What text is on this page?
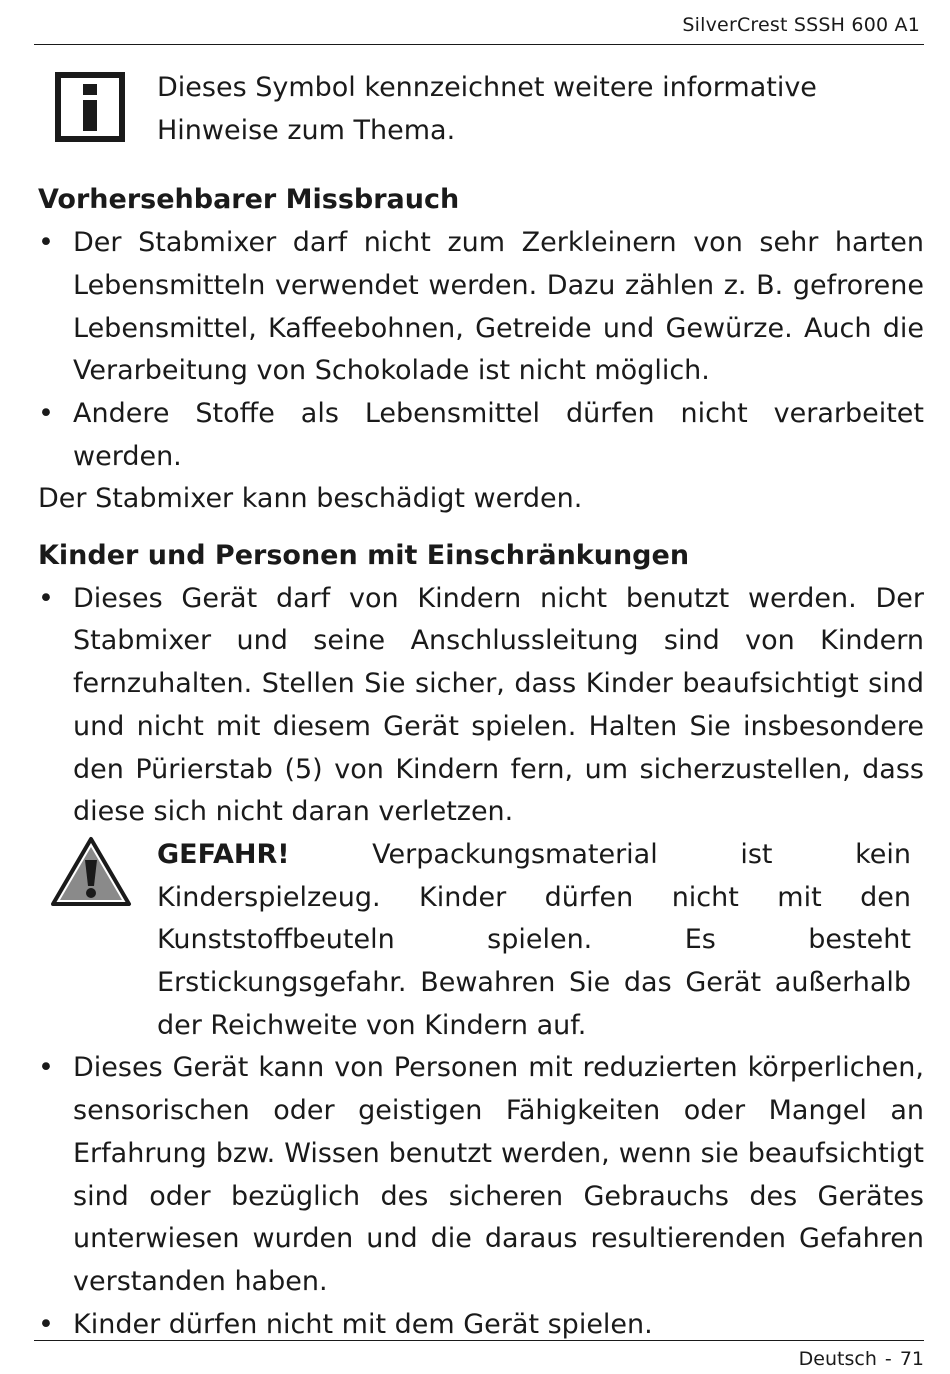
SilverCrest SSSH 600 A1

Dieses Symbol kennzeichnet weitere informative Hinweise zum Thema.

Vorhersehbarer Missbrauch
• Der Stabmixer darf nicht zum Zerkleinern von sehr harten Lebensmitteln verwendet werden. Dazu zählen z. B. gefrorene Lebensmittel, Kaffeebohnen, Getreide und Gewürze. Auch die Verarbeitung von Schokolade ist nicht möglich.
• Andere Stoffe als Lebensmittel dürfen nicht verarbeitet werden.

Der Stabmixer kann beschädigt werden.

Kinder und Personen mit Einschränkungen
• Dieses Gerät darf von Kindern nicht benutzt werden. Der Stabmixer und seine Anschlussleitung sind von Kindern fernzuhalten. Stellen Sie sicher, dass Kinder beaufsichtigt sind und nicht mit diesem Gerät spielen. Halten Sie insbesondere den Pürierstab (5) von Kindern fern, um sicherzustellen, dass diese sich nicht daran verletzen.

GEFAHR!	Verpackungsmaterial ist kein Kinderspielzeug. Kinder dürfen nicht mit den Kunststoffbeuteln spielen. Es besteht Erstickungsgefahr. Bewahren Sie das Gerät außerhalb der Reichweite von Kindern auf.

• Dieses Gerät kann von Personen mit reduzierten körperlichen, sensorischen oder geistigen Fähigkeiten oder Mangel an Erfahrung bzw. Wissen benutzt werden, wenn sie beaufsichtigt sind oder bezüglich des sicheren Gebrauchs des Gerätes unterwiesen wurden und die daraus resultierenden Gefahren verstanden haben.
• Kinder dürfen nicht mit dem Gerät spielen.
Deutsch - 71
